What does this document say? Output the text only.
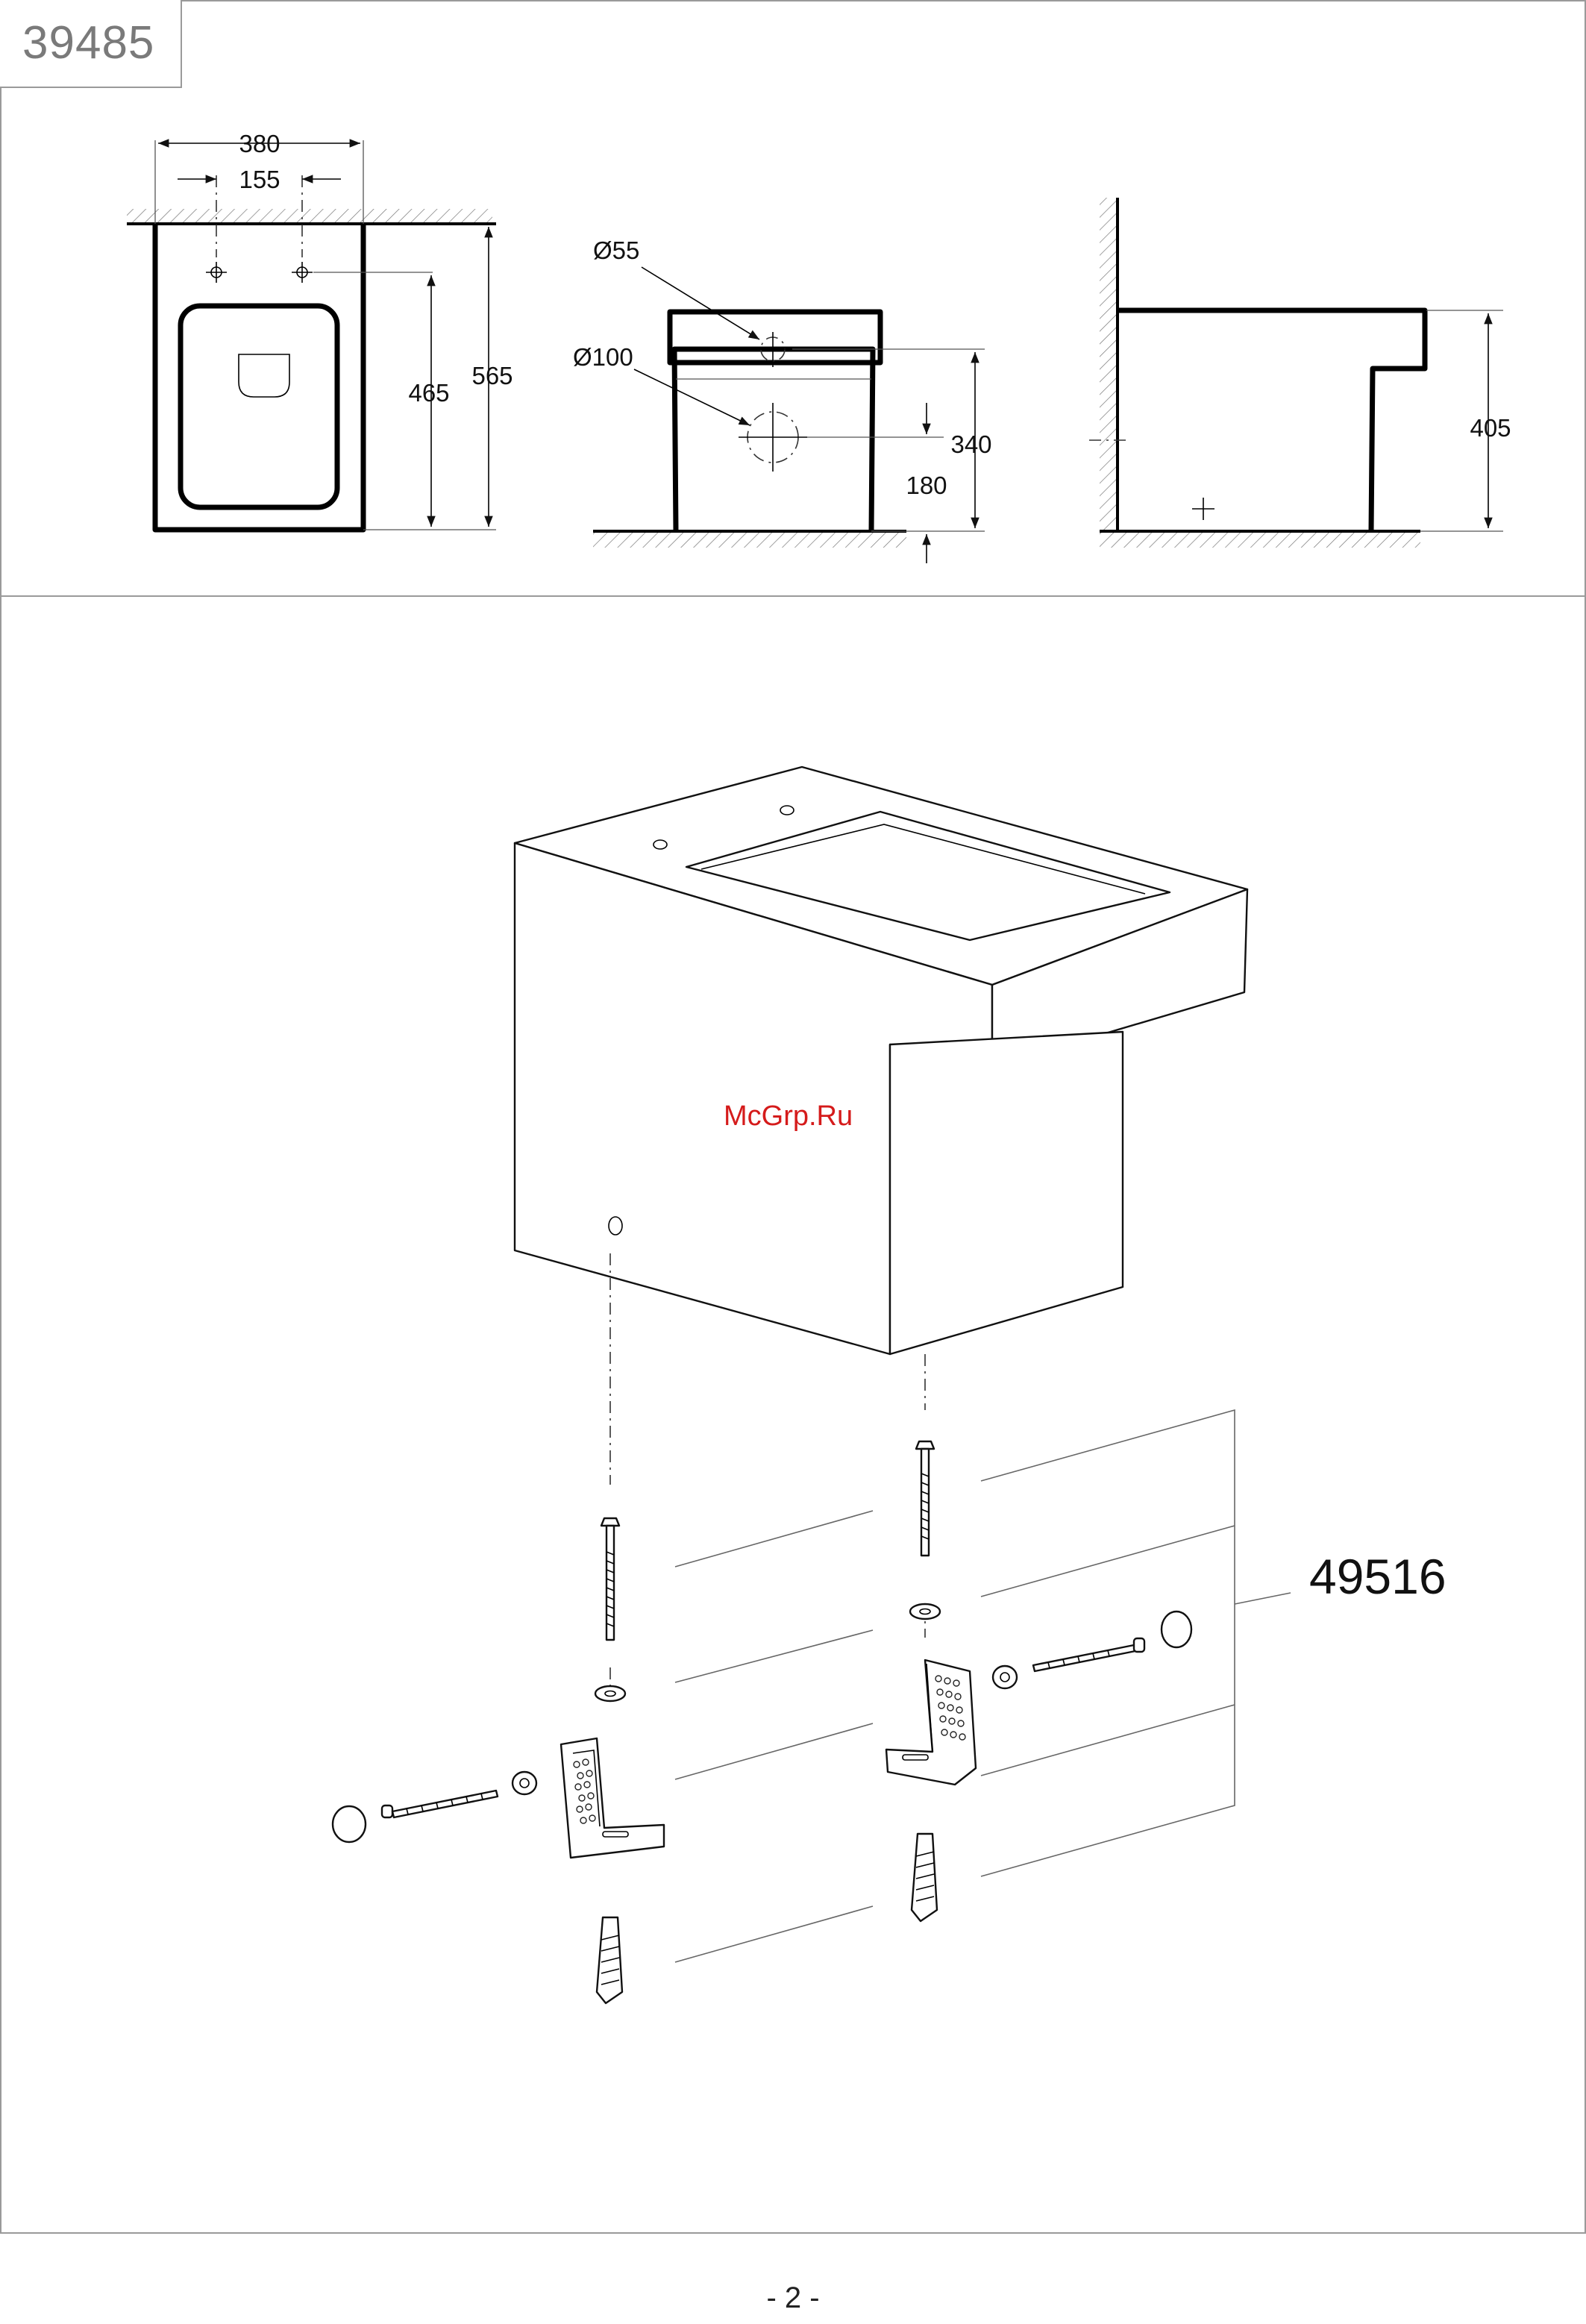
39485
380
155
465
565
Ø55
Ø100
340
180
405
McGrp.Ru
49516
- 2 -
